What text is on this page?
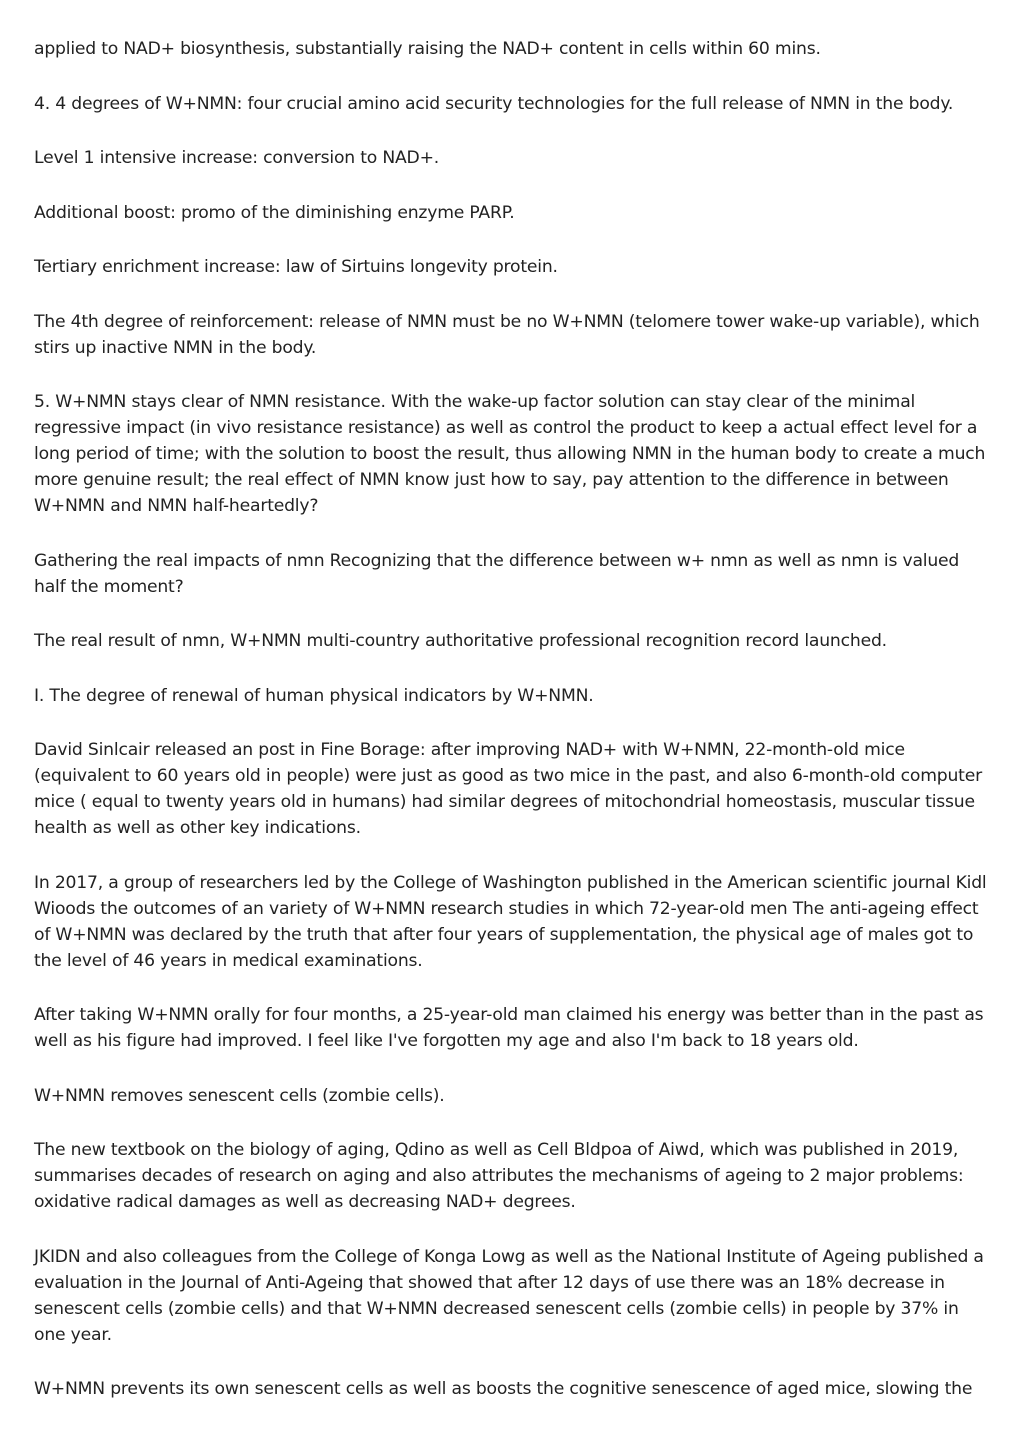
applied to NAD+ biosynthesis, substantially raising the NAD+ content in cells within 60 mins.

4. 4 degrees of W+NMN: four crucial amino acid security technologies for the full release of NMN in the body.

Level 1 intensive increase: conversion to NAD+.

Additional boost: promo of the diminishing enzyme PARP.

Tertiary enrichment increase: law of Sirtuins longevity protein.

The 4th degree of reinforcement: release of NMN must be no W+NMN (telomere tower wake-up variable), which stirs up inactive NMN in the body.

5. W+NMN stays clear of NMN resistance. With the wake-up factor solution can stay clear of the minimal regressive impact (in vivo resistance resistance) as well as control the product to keep a actual effect level for a long period of time; with the solution to boost the result, thus allowing NMN in the human body to create a much more genuine result; the real effect of NMN know just how to say, pay attention to the difference in between W+NMN and NMN half-heartedly?

Gathering the real impacts of nmn Recognizing that the difference between w+ nmn as well as nmn is valued half the moment?

The real result of nmn, W+NMN multi-country authoritative professional recognition record launched.

I. The degree of renewal of human physical indicators by W+NMN.

David Sinlcair released an post in Fine Borage: after improving NAD+ with W+NMN, 22-month-old mice (equivalent to 60 years old in people) were just as good as two mice in the past, and also 6-month-old computer mice ( equal to twenty years old in humans) had similar degrees of mitochondrial homeostasis, muscular tissue health as well as other key indications.

In 2017, a group of researchers led by the College of Washington published in the American scientific journal Kidl Wioods the outcomes of an variety of W+NMN research studies in which 72-year-old men The anti-ageing effect of W+NMN was declared by the truth that after four years of supplementation, the physical age of males got to the level of 46 years in medical examinations.

After taking W+NMN orally for four months, a 25-year-old man claimed his energy was better than in the past as well as his figure had improved. I feel like I've forgotten my age and also I'm back to 18 years old.

W+NMN removes senescent cells (zombie cells).

The new textbook on the biology of aging, Qdino as well as Cell Bldpoa of Aiwd, which was published in 2019, summarises decades of research on aging and also attributes the mechanisms of ageing to 2 major problems: oxidative radical damages as well as decreasing NAD+ degrees.

JKIDN and also colleagues from the College of Konga Lowg as well as the National Institute of Ageing published a evaluation in the Journal of Anti-Ageing that showed that after 12 days of use there was an 18% decrease in senescent cells (zombie cells) and that W+NMN decreased senescent cells (zombie cells) in people by 37% in one year.

W+NMN prevents its own senescent cells as well as boosts the cognitive senescence of aged mice, slowing the
